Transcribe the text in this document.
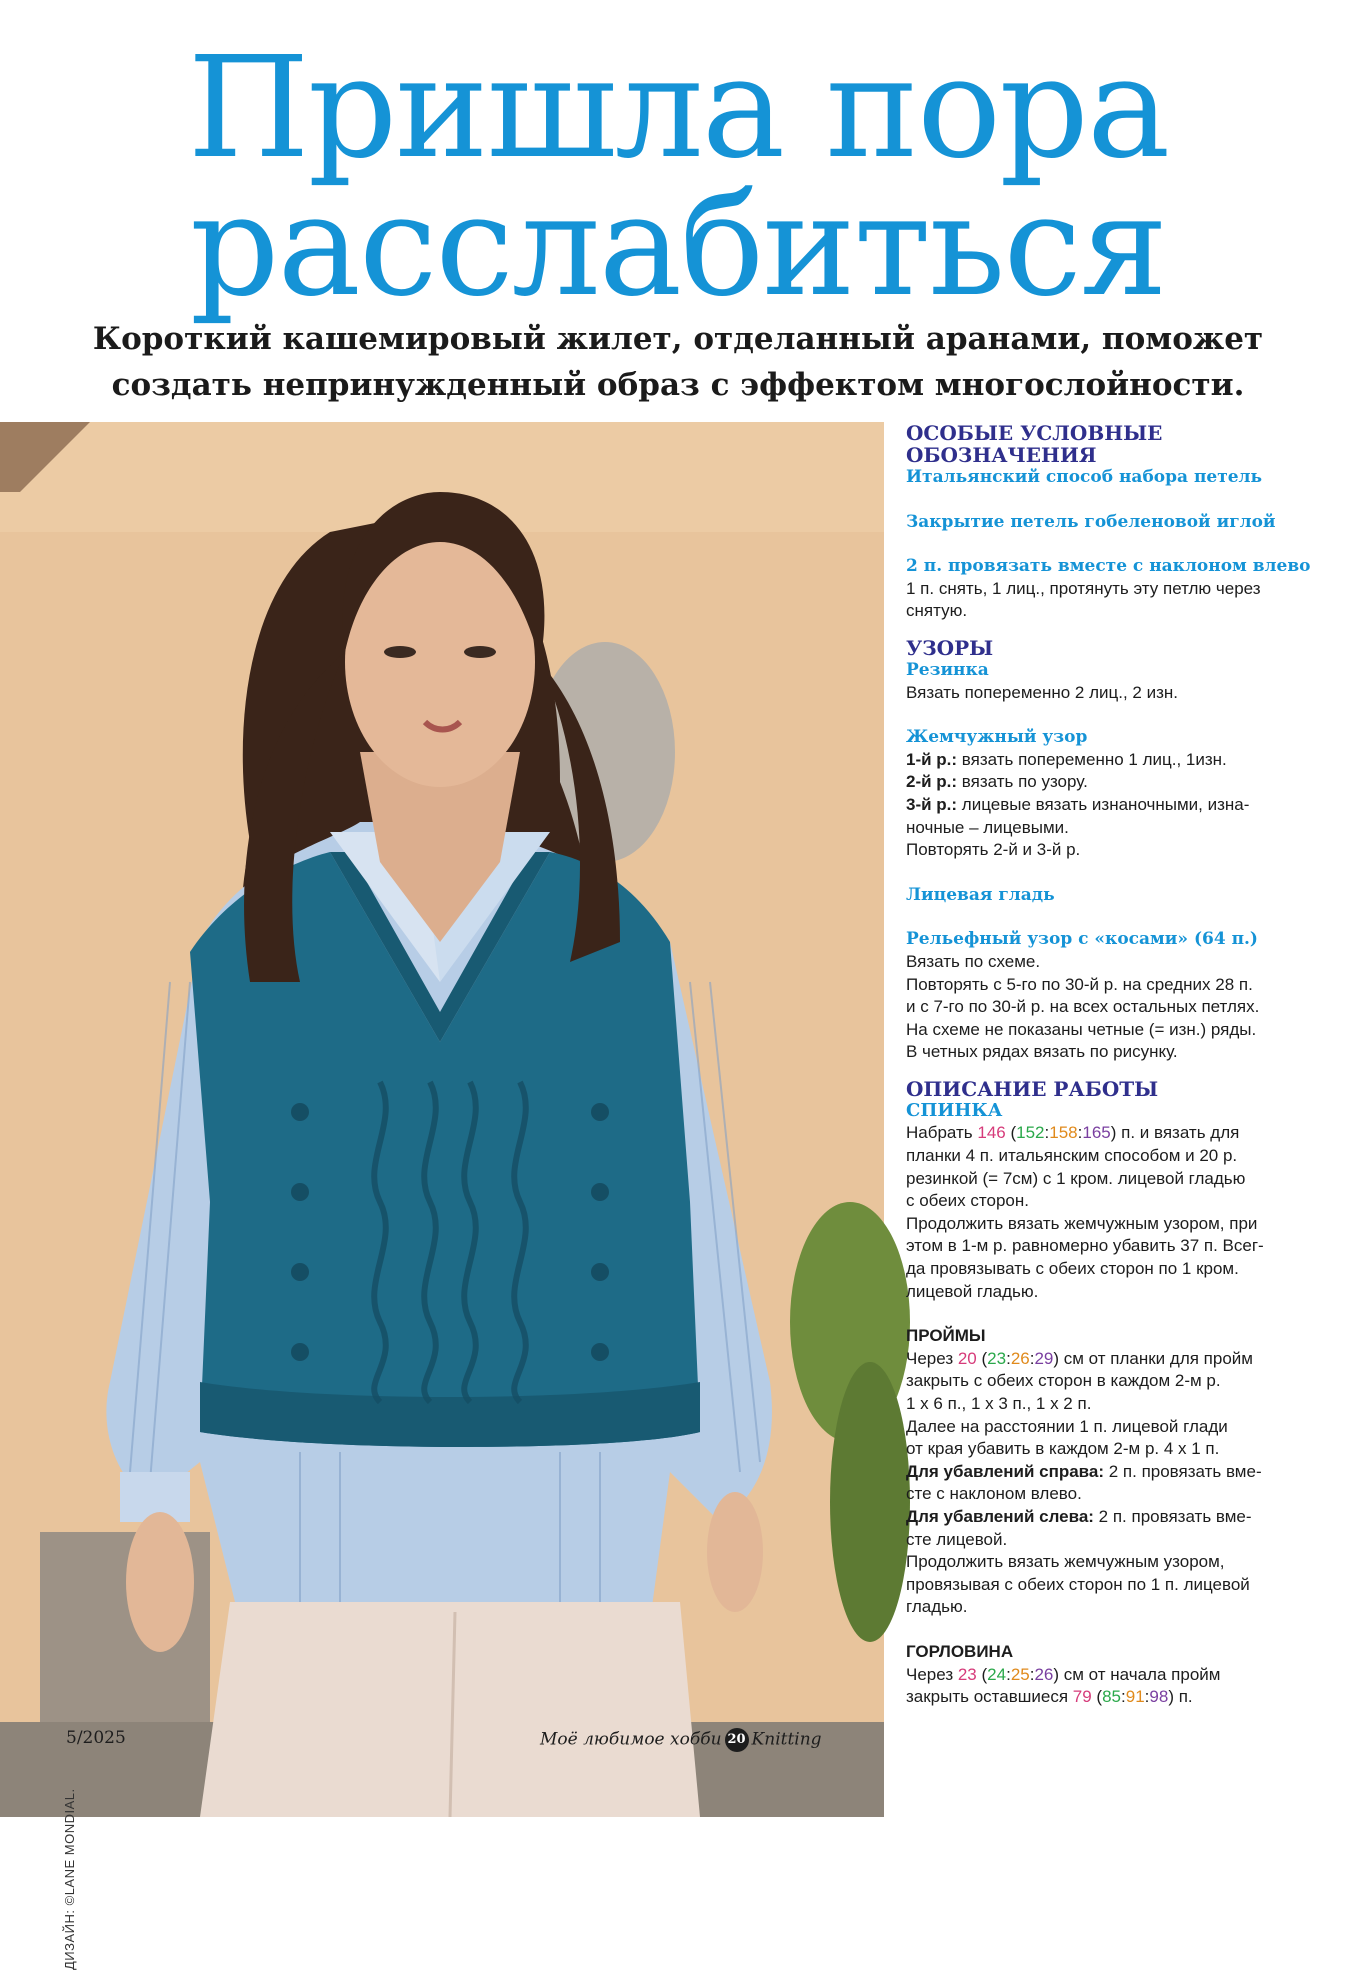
Пришла пора
расслабиться

Короткий кашемировый жилет, отделанный аранами, поможет
создать непринужденный образ с эффектом многослойности.

ДИЗАЙН: ©LANE MONDIAL.

ОСОБЫЕ УСЛОВНЫЕ
ОБОЗНАЧЕНИЯ

Итальянский способ набора петель

Закрытие петель гобеленовой иглой

2 п. провязать вместе с наклоном влево

1 п. снять, 1 лиц., протянуть эту петлю через
снятую.

УЗОРЫ

Резинка

Вязать попеременно 2 лиц., 2 изн.

Жемчужный узор

1-й р.: вязать попеременно 1 лиц., 1изн.

2-й р.: вязать по узору.

3-й р.: лицевые вязать изнаночными, изна-
ночные – лицевыми.

Повторять 2-й и 3-й р.

Лицевая гладь

Рельефный узор с «косами» (64 п.)

Вязать по схеме.
Повторять с 5-го по 30-й р. на средних 28 п.
и с 7-го по 30-й р. на всех остальных петлях.
На схеме не показаны четные (= изн.) ряды.
В четных рядах вязать по рисунку.

ОПИСАНИЕ РАБОТЫ

СПИНКА

Набрать 146 (152:158:165) п. и вязать для
планки 4 п. итальянским способом и 20 р.
резинкой (= 7см) с 1 кром. лицевой гладью
с обеих сторон.
Продолжить вязать жемчужным узором, при
этом в 1-м р. равномерно убавить 37 п. Всег-
да провязывать с обеих сторон по 1 кром.
лицевой гладью.

ПРОЙМЫ

Через 20 (23:26:29) см от планки для пройм
закрыть с обеих сторон в каждом 2-м р.
1 х 6 п., 1 х 3 п., 1 х 2 п.
Далее на расстоянии 1 п. лицевой глади
от края убавить в каждом 2-м р. 4 х 1 п.
Для убавлений справа: 2 п. провязать вме-
сте с наклоном влево.
Для убавлений слева: 2 п. провязать вме-
сте лицевой.
Продолжить вязать жемчужным узором,
провязывая с обеих сторон по 1 п. лицевой
гладью.

ГОРЛОВИНА

Через 23 (24:25:26) см от начала пройм
закрыть оставшиеся 79 (85:91:98) п.

5/2025	Моё любимое хобби 20 Knitting
